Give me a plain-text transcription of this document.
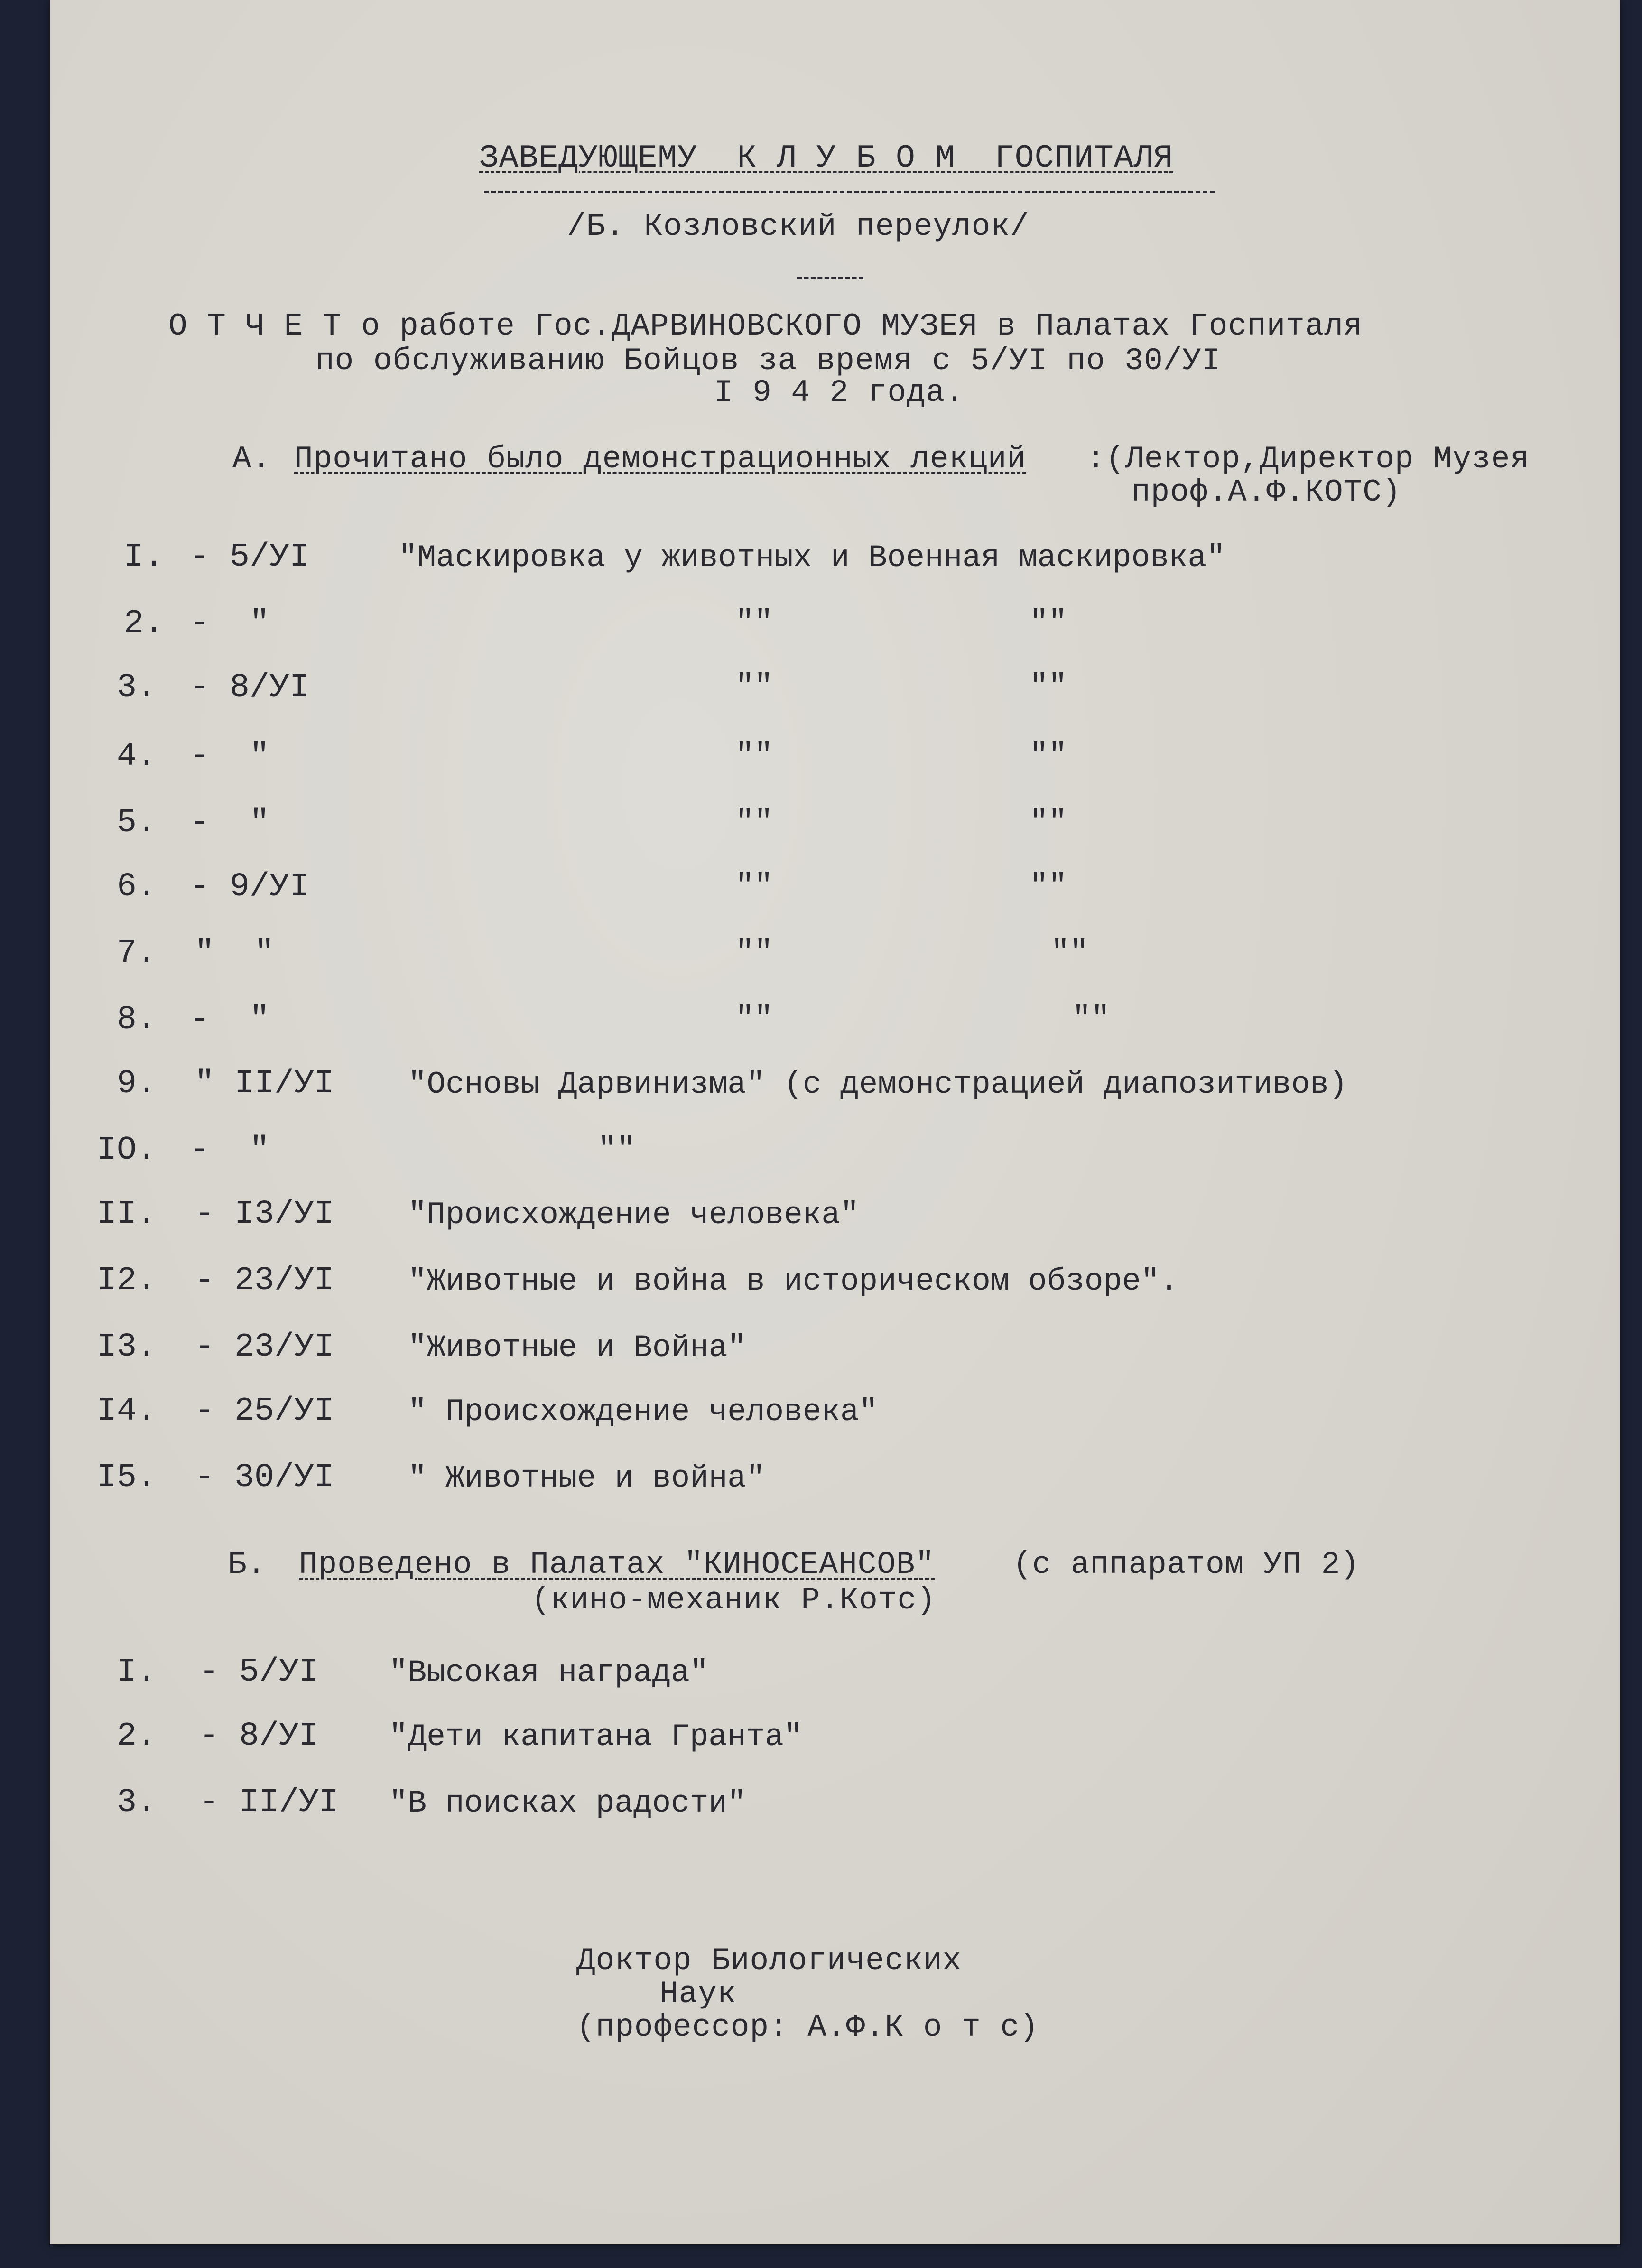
ЗАВЕДУЮЩЕМУ  К Л У Б О М  ГОСПИТАЛЯ
/Б. Козловский переулок/
О Т Ч Е Т о работе Гос.ДАРВИНОВСКОГО МУЗЕЯ в Палатах Госпиталя
по обслуживанию Бойцов за время с 5/УI по 30/УI
I 9 4 2 года.
А. Прочитано было демонстрационных лекций :(Лектор,Директор Музея
проф.А.Ф.КОТС)
I. - 5/УI	"Маскировка у животных и Военная маскировка"
2. -  "	""	""
3. - 8/УI	""	""
4. -  "	""	""
5. -  "	""	""
6. - 9/УI	""	""
7. "  "	""	""
8. -  "	""	""
9. " II/УI "Основы Дарвинизма" (с демонстрацией диапозитивов)
IO. -  "	""
II. - I3/УI "Происхождение человека"
I2. - 23/УI "Животные и война в историческом обзоре".
I3. - 23/УI "Животные и Война"
I4. - 25/УI " Происхождение человека"
I5. - 30/УI " Животные и война"
Б. Проведено в Палатах "КИНОСЕАНСОВ" (с аппаратом УП 2)
(кино-механик Р.Котс)
I. - 5/УI "Высокая награда"
2. - 8/УI "Дети капитана Гранта"
3. - II/УI "В поисках радости"
Доктор Биологических
Наук
(профессор: А.Ф.К о т с)
